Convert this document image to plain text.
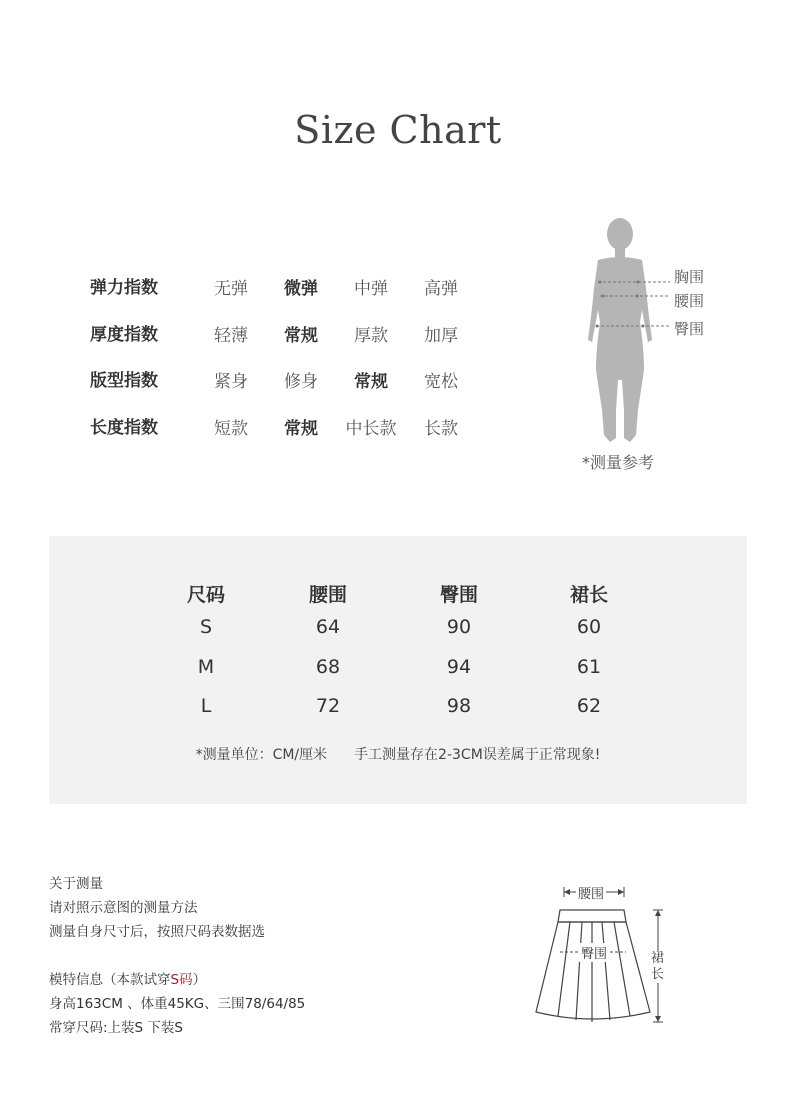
Size Chart
弹力指数	无弹	微弹	中弹	高弹
厚度指数	轻薄	常规	厚款	加厚
版型指数	紧身	修身	常规	宽松
长度指数	短款	常规	中长款	长款
胸围
腰围
臀围
*测量参考
尺码	腰围	臀围	裙长
S	64	90	60
M	68	94	61
L	72	98	62
*测量单位：CM/厘米 手工测量存在2-3CM误差属于正常现象!
关于测量
请对照示意图的测量方法
测量自身尺寸后，按照尺码表数据选
模特信息（本款试穿S码）
身高163CM 、体重45KG、三围78/64/85
常穿尺码:上装S 下装S
腰围
臀围	裙长
